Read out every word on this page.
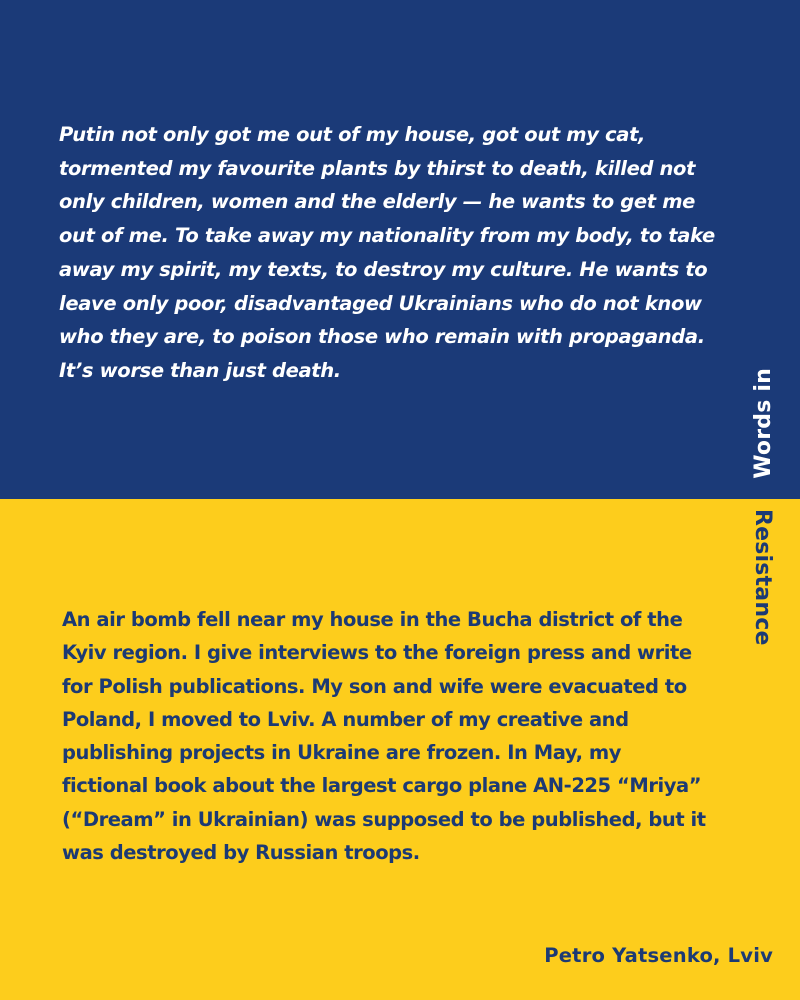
Putin not only got me out of my house, got out my cat, tormented my favourite plants by thirst to death, killed not only children, women and the elderly — he wants to get me out of me. To take away my nationality from my body, to take away my spirit, my texts, to destroy my culture. He wants to leave only poor, disadvantaged Ukrainians who do not know who they are, to poison those who remain with propaganda. It’s worse than just death.

An air bomb fell near my house in the Bucha district of the Kyiv region. I give interviews to the foreign press and write for Polish publications. My son and wife were evacuated to Poland, I moved to Lviv. A number of my creative and publishing projects in Ukraine are frozen. In May, my fictional book about the largest cargo plane AN-225 “Mriya” (“Dream” in Ukrainian) was supposed to be published, but it was destroyed by Russian troops.

Words in
Resistance

Petro Yatsenko, Lviv
